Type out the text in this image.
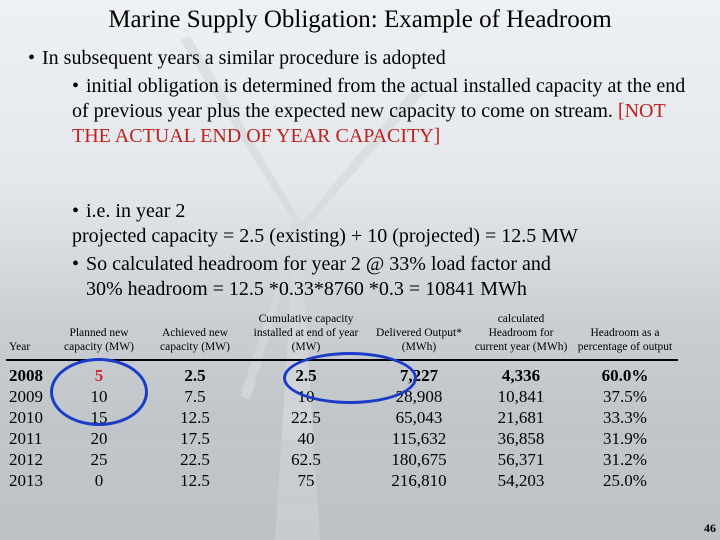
Marine Supply Obligation: Example of Headroom
•In subsequent years a similar procedure is adopted
•initial obligation is determined from the actual installed capacity at the end of previous year plus the expected new capacity to come on stream. [NOT THE ACTUAL END OF YEAR CAPACITY]
•i.e. in year 2
projected capacity = 2.5 (existing) + 10 (projected) = 12.5 MW
•So calculated headroom for year 2 @ 33% load factor and
30% headroom = 12.5 *0.33*8760 *0.3 = 10841 MWh
Year	Planned new capacity (MW)	Achieved new capacity (MW)	Cumulative capacity installed at end of year (MW)	Delivered Output* (MWh)	calculated Headroom for current year (MWh)	Headroom as a percentage of output
2008	5	2.5	2.5	7,227	4,336	60.0%
2009	10	7.5	10	28,908	10,841	37.5%
2010	15	12.5	22.5	65,043	21,681	33.3%
2011	20	17.5	40	115,632	36,858	31.9%
2012	25	22.5	62.5	180,675	56,371	31.2%
2013	0	12.5	75	216,810	54,203	25.0%
46
